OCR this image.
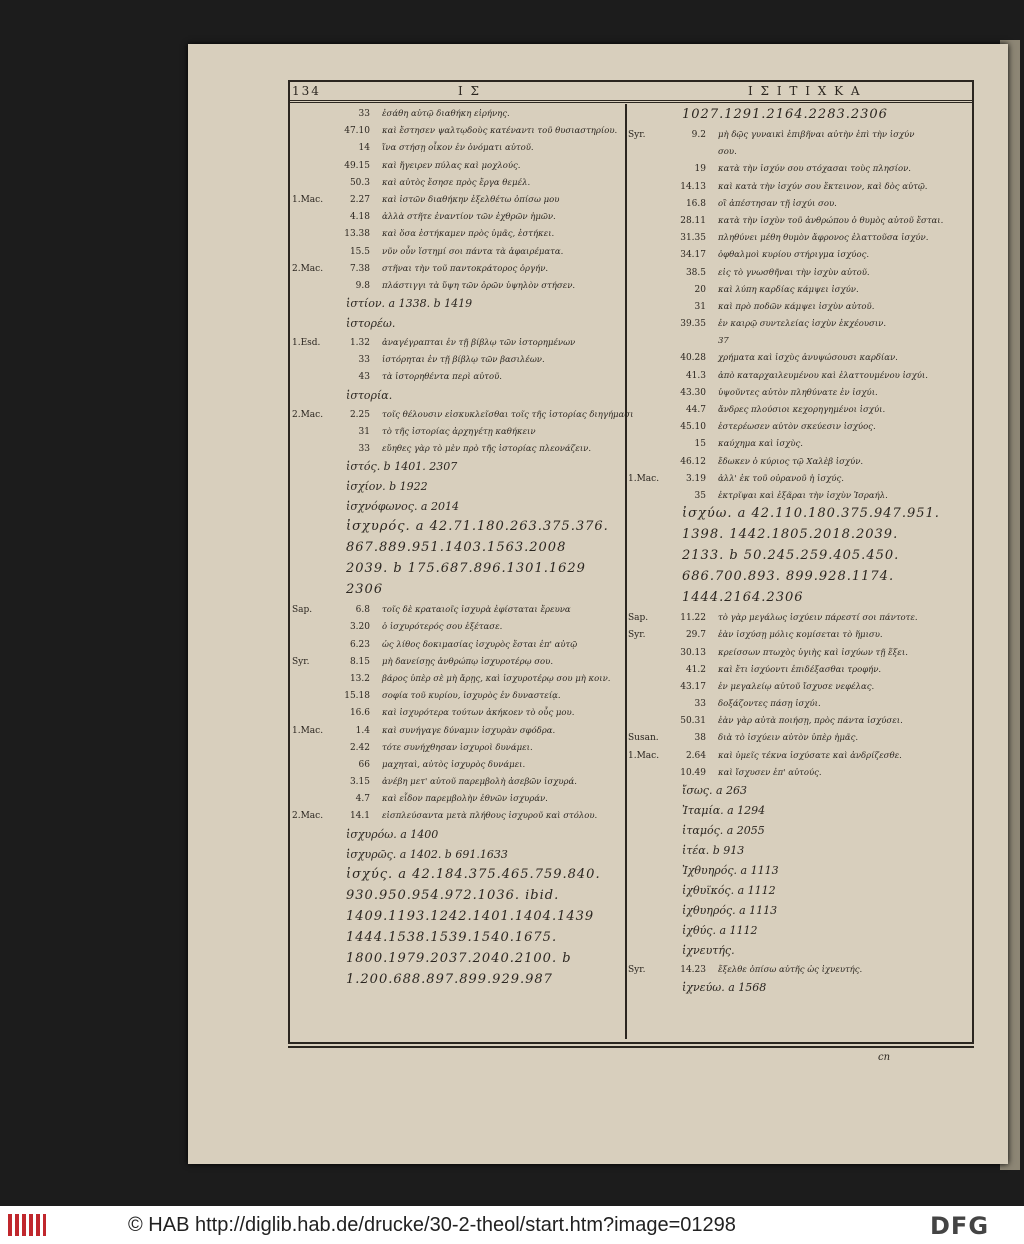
134	Ι Σ	Ι Σ Ι Τ Ι Χ Κ Α
33 ἐσάθη αὐτῷ διαθήκη εἰρήνης.
47.10 καὶ ἔστησεν ψαλτῳδοὺς κατέναντι τοῦ θυσιαστηρίου.
14 ἵνα στήσῃ οἶκον ἐν ὀνόματι αὐτοῦ.
49.15 καὶ ἤγειρεν πύλας καὶ μοχλούς.
50.3 καὶ αὐτὸς ἔσησε πρὸς ἔργα θεμέλ.
1.Mac.	2.27 καὶ ἱστῶν διαθήκην ἐξελθέτω ὀπίσω μου
4.18 ἀλλὰ στῆτε ἐναντίον τῶν ἐχθρῶν ἡμῶν.
13.38 καὶ ὅσα ἐστήκαμεν πρὸς ὑμᾶς, ἑστήκει.
15.5 νῦν οὖν ἵστημί σοι πάντα τὰ ἀφαιρέματα.
2.Mac.	7.38 στῆναι τὴν τοῦ παντοκράτορος ὀργήν.
9.8 πλάστιγγι τὰ ὕψη τῶν ὀρῶν ὑψηλὸν στήσεν.
ἱστίον. a 1338. b 1419
ἱστορέω.
1.Esd.	1.32 ἀναγέγραπται ἐν τῇ βίβλῳ τῶν ἱστορημένων
33 ἱστόρηται ἐν τῇ βίβλῳ τῶν βασιλέων.
43 τὰ ἱστορηθέντα περὶ αὐτοῦ.
ἱστορία.
2.Mac.	2.25 τοῖς θέλουσιν εἰσκυκλεῖσθαι τοῖς τῆς ἱστορίας διηγήμασι
31 τὸ τῆς ἱστορίας ἀρχηγέτῃ καθήκειν
33 εὔηθες γὰρ τὸ μὲν πρὸ τῆς ἱστορίας πλεονάζειν.
ἱστός. b 1401. 2307
ἰσχίον. b 1922
ἰσχνόφωνος. a 2014
ἰσχυρός. a 42.71.180.263.375.376.
867.889.951.1403.1563.2008
2039. b 175.687.896.1301.1629
2306
Sap.	6.8 τοῖς δὲ κραταιοῖς ἰσχυρὰ ἐφίσταται ἔρευνα
3.20 ὁ ἰσχυρότερός σου ἐξέτασε.
6.23 ὡς λίθος δοκιμασίας ἰσχυρὸς ἔσται ἐπ' αὐτῷ
Syr.	8.15 μὴ δανείσῃς ἀνθρώπῳ ἰσχυροτέρῳ σου.
13.2 βάρος ὑπὲρ σὲ μὴ ἄρῃς, καὶ ἰσχυροτέρῳ σου μὴ κοιν.
15.18 σοφία τοῦ κυρίου, ἰσχυρὸς ἐν δυναστείᾳ.
16.6 καὶ ἰσχυρότερα τούτων ἀκήκοεν τὸ οὖς μου.
1.Mac.	1.4 καὶ συνήγαγε δύναμιν ἰσχυρὰν σφόδρα.
2.42 τότε συνήχθησαν ἰσχυροὶ δυνάμει.
66 μαχηταὶ, αὐτὸς ἰσχυρὸς δυνάμει.
3.15 ἀνέβη μετ' αὐτοῦ παρεμβολὴ ἀσεβῶν ἰσχυρά.
4.7 καὶ εἶδον παρεμβολὴν ἐθνῶν ἰσχυράν.
2.Mac.	14.1 εἰσπλεύσαντα μετὰ πλήθους ἰσχυροῦ καὶ στόλου.
ἰσχυρόω. a 1400
ἰσχυρῶς. a 1402. b 691.1633
ἰσχύς. a 42.184.375.465.759.840.
930.950.954.972.1036. ibid.
1409.1193.1242.1401.1404.1439
1444.1538.1539.1540.1675.
1800.1979.2037.2040.2100. b
1.200.688.897.899.929.987
1027.1291.2164.2283.2306
Syr.	9.2 μὴ δῷς γυναικὶ ἐπιβῆναι αὐτὴν ἐπὶ τὴν ἰσχύν
σου.
19 κατὰ τὴν ἰσχύν σου στόχασαι τοὺς πλησίον.
14.13 καὶ κατὰ τὴν ἰσχύν σου ἔκτεινον, καὶ δὸς αὐτῷ.
16.8 οἳ ἀπέστησαν τῇ ἰσχύι σου.
28.11 κατὰ τὴν ἰσχὺν τοῦ ἀνθρώπου ὁ θυμὸς αὐτοῦ ἔσται.
31.35 πληθύνει μέθη θυμὸν ἄφρονος ἐλαττοῦσα ἰσχύν.
34.17 ὀφθαλμοὶ κυρίου στήριγμα ἰσχύος.
38.5 εἰς τὸ γνωσθῆναι τὴν ἰσχὺν αὐτοῦ.
20 καὶ λύπη καρδίας κάμψει ἰσχύν.
31 καὶ πρὸ ποδῶν κάμψει ἰσχὺν αὐτοῦ.
39.35 ἐν καιρῷ συντελείας ἰσχὺν ἐκχέουσιν.
37
40.28 χρήματα καὶ ἰσχὺς ἀνυψώσουσι καρδίαν.
41.3 ἀπὸ καταρχαιλευμένου καὶ ἐλαττουμένου ἰσχύι.
43.30 ὑψοῦντες αὐτὸν πληθύνατε ἐν ἰσχύι.
44.7 ἄνδρες πλούσιοι κεχορηγημένοι ἰσχύι.
45.10 ἐστερέωσεν αὐτὸν σκεύεσιν ἰσχύος.
15 καύχημα καὶ ἰσχὺς.
46.12 ἔδωκεν ὁ κύριος τῷ Χαλὲβ ἰσχύν.
1.Mac.	3.19 ἀλλ' ἐκ τοῦ οὐρανοῦ ἡ ἰσχύς.
35 ἐκτρῖψαι καὶ ἐξᾶραι τὴν ἰσχὺν Ἰσραήλ.
ἰσχύω. a 42.110.180.375.947.951.
1398. 1442.1805.2018.2039.
2133. b 50.245.259.405.450.
686.700.893. 899.928.1174.
1444.2164.2306
Sap.	11.22 τὸ γὰρ μεγάλως ἰσχύειν πάρεστί σοι πάντοτε.
Syr.	29.7 ἐὰν ἰσχύσῃ μόλις κομίσεται τὸ ἥμισυ.
30.13 κρείσσων πτωχὸς ὑγιὴς καὶ ἰσχύων τῇ ἕξει.
41.2 καὶ ἔτι ἰσχύοντι ἐπιδέξασθαι τροφήν.
43.17 ἐν μεγαλείῳ αὐτοῦ ἴσχυσε νεφέλας.
33 δοξάζοντες πάσῃ ἰσχύι.
50.31 ἐὰν γὰρ αὐτὰ ποιήσῃ, πρὸς πάντα ἰσχύσει.
Susan.	38 διὰ τὸ ἰσχύειν αὐτὸν ὑπὲρ ἡμᾶς.
1.Mac.	2.64 καὶ ὑμεῖς τέκνα ἰσχύσατε καὶ ἀνδρίζεσθε.
10.49 καὶ ἴσχυσεν ἐπ' αὐτούς.
ἴσως. a 263
Ἰταμία. a 1294
ἰταμός. a 2055
ἰτέα. b 913
Ἰχθυηρός. a 1113
ἰχθυϊκός. a 1112
ἰχθυηρός. a 1113
ἰχθύς. a 1112
ἰχνευτής.
Syr.	14.23 ἔξελθε ὀπίσω αὐτῆς ὡς ἰχνευτής.
ἰχνεύω. a 1568
cn
© HAB http://diglib.hab.de/drucke/30-2-theol/start.htm?image=01298	DFG
